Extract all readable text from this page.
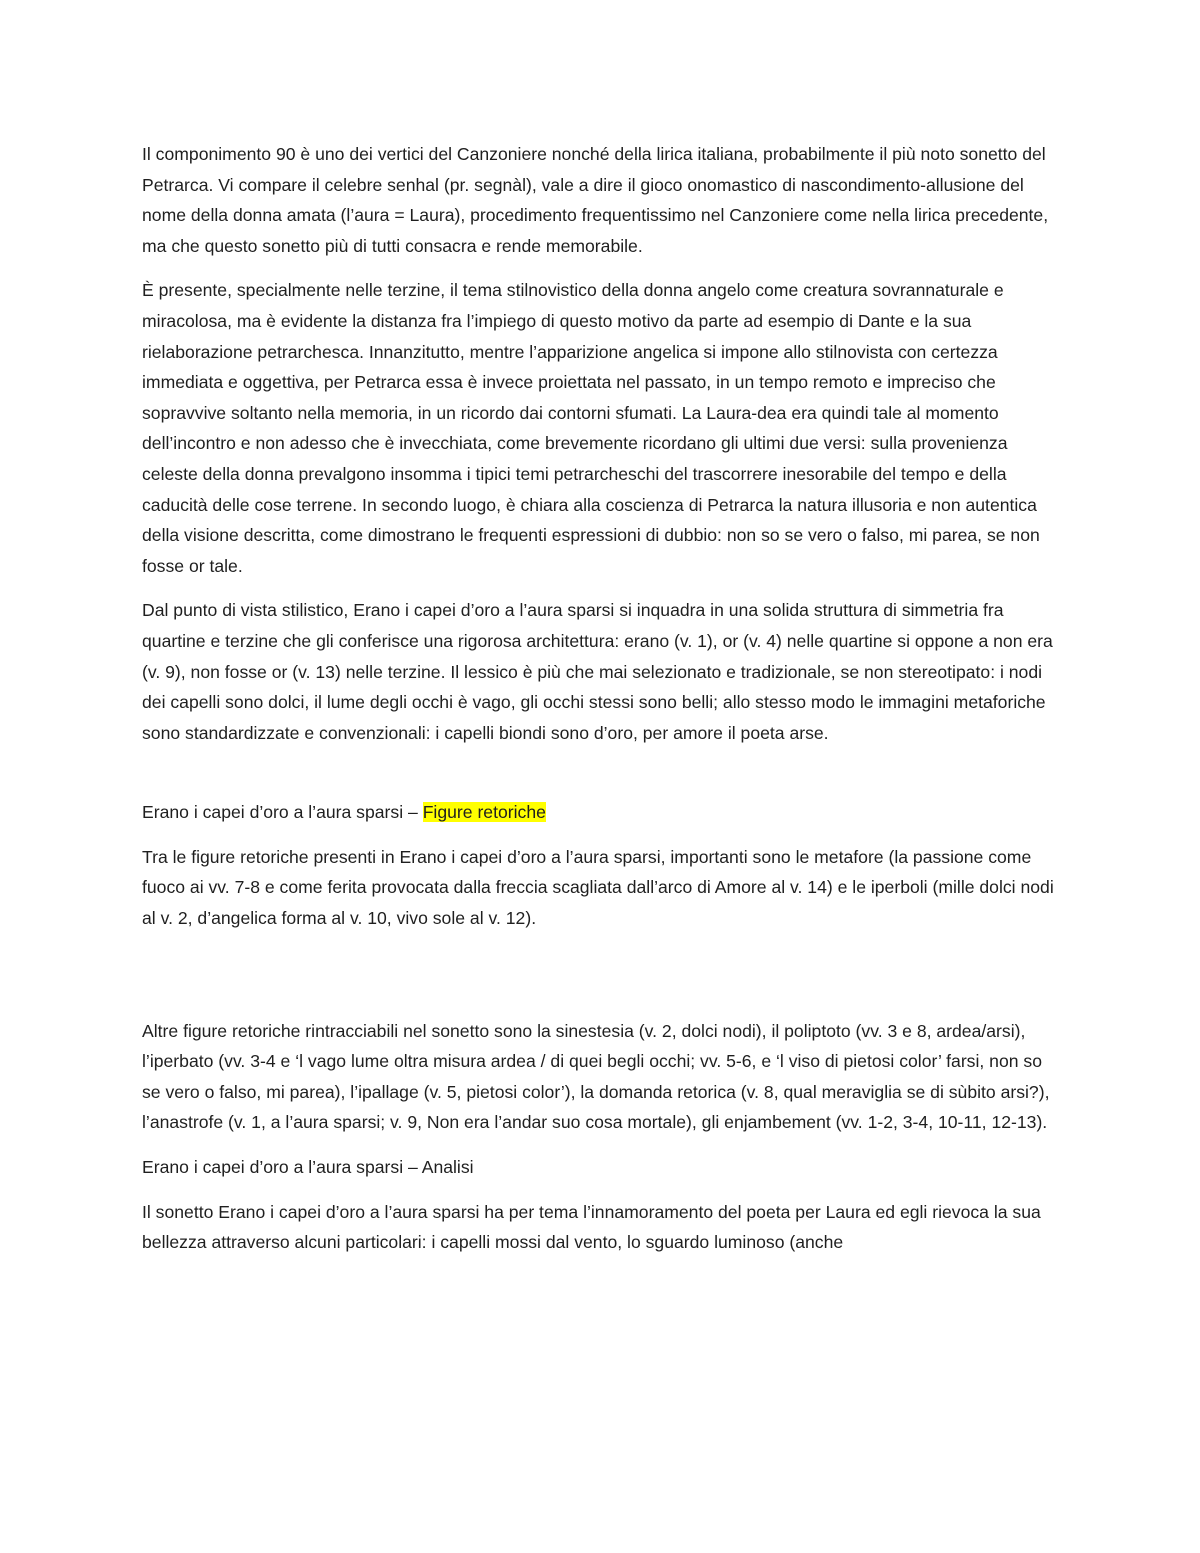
Il componimento 90 è uno dei vertici del Canzoniere nonché della lirica italiana, probabilmente il più noto sonetto del Petrarca. Vi compare il celebre senhal (pr. segnàl), vale a dire il gioco onomastico di nascondimento-allusione del nome della donna amata (l’aura = Laura), procedimento frequentissimo nel Canzoniere come nella lirica precedente, ma che questo sonetto più di tutti consacra e rende memorabile.

È presente, specialmente nelle terzine, il tema stilnovistico della donna angelo come creatura sovrannaturale e miracolosa, ma è evidente la distanza fra l’impiego di questo motivo da parte ad esempio di Dante e la sua rielaborazione petrarchesca. Innanzitutto, mentre l’apparizione angelica si impone allo stilnovista con certezza immediata e oggettiva, per Petrarca essa è invece proiettata nel passato, in un tempo remoto e impreciso che sopravvive soltanto nella memoria, in un ricordo dai contorni sfumati. La Laura-dea era quindi tale al momento dell’incontro e non adesso che è invecchiata, come brevemente ricordano gli ultimi due versi: sulla provenienza celeste della donna prevalgono insomma i tipici temi petrarcheschi del trascorrere inesorabile del tempo e della caducità delle cose terrene. In secondo luogo, è chiara alla coscienza di Petrarca la natura illusoria e non autentica della visione descritta, come dimostrano le frequenti espressioni di dubbio: non so se vero o falso, mi parea, se non fosse or tale.

Dal punto di vista stilistico, Erano i capei d’oro a l’aura sparsi si inquadra in una solida struttura di simmetria fra quartine e terzine che gli conferisce una rigorosa architettura: erano (v. 1), or (v. 4) nelle quartine si oppone a non era (v. 9), non fosse or (v. 13) nelle terzine. Il lessico è più che mai selezionato e tradizionale, se non stereotipato: i nodi dei capelli sono dolci, il lume degli occhi è vago, gli occhi stessi sono belli; allo stesso modo le immagini metaforiche sono standardizzate e convenzionali: i capelli biondi sono d’oro, per amore il poeta arse.

Erano i capei d’oro a l’aura sparsi – Figure retoriche

Tra le figure retoriche presenti in Erano i capei d’oro a l’aura sparsi, importanti sono le metafore (la passione come fuoco ai vv. 7-8 e come ferita provocata dalla freccia scagliata dall’arco di Amore al v. 14) e le iperboli (mille dolci nodi al v. 2, d’angelica forma al v. 10, vivo sole al v. 12).

Altre figure retoriche rintracciabili nel sonetto sono la sinestesia (v. 2, dolci nodi), il poliptoto (vv. 3 e 8, ardea/arsi), l’iperbato (vv. 3-4 e ‘l vago lume oltra misura ardea / di quei begli occhi; vv. 5-6, e ‘l viso di pietosi color’ farsi, non so se vero o falso, mi parea), l’ipallage (v. 5, pietosi color’), la domanda retorica (v. 8, qual meraviglia se di sùbito arsi?), l’anastrofe (v. 1, a l’aura sparsi; v. 9, Non era l’andar suo cosa mortale), gli enjambement (vv. 1-2, 3-4, 10-11, 12-13).

Erano i capei d’oro a l’aura sparsi – Analisi

Il sonetto Erano i capei d’oro a l’aura sparsi ha per tema l’innamoramento del poeta per Laura ed egli rievoca la sua bellezza attraverso alcuni particolari: i capelli mossi dal vento, lo sguardo luminoso (anche
